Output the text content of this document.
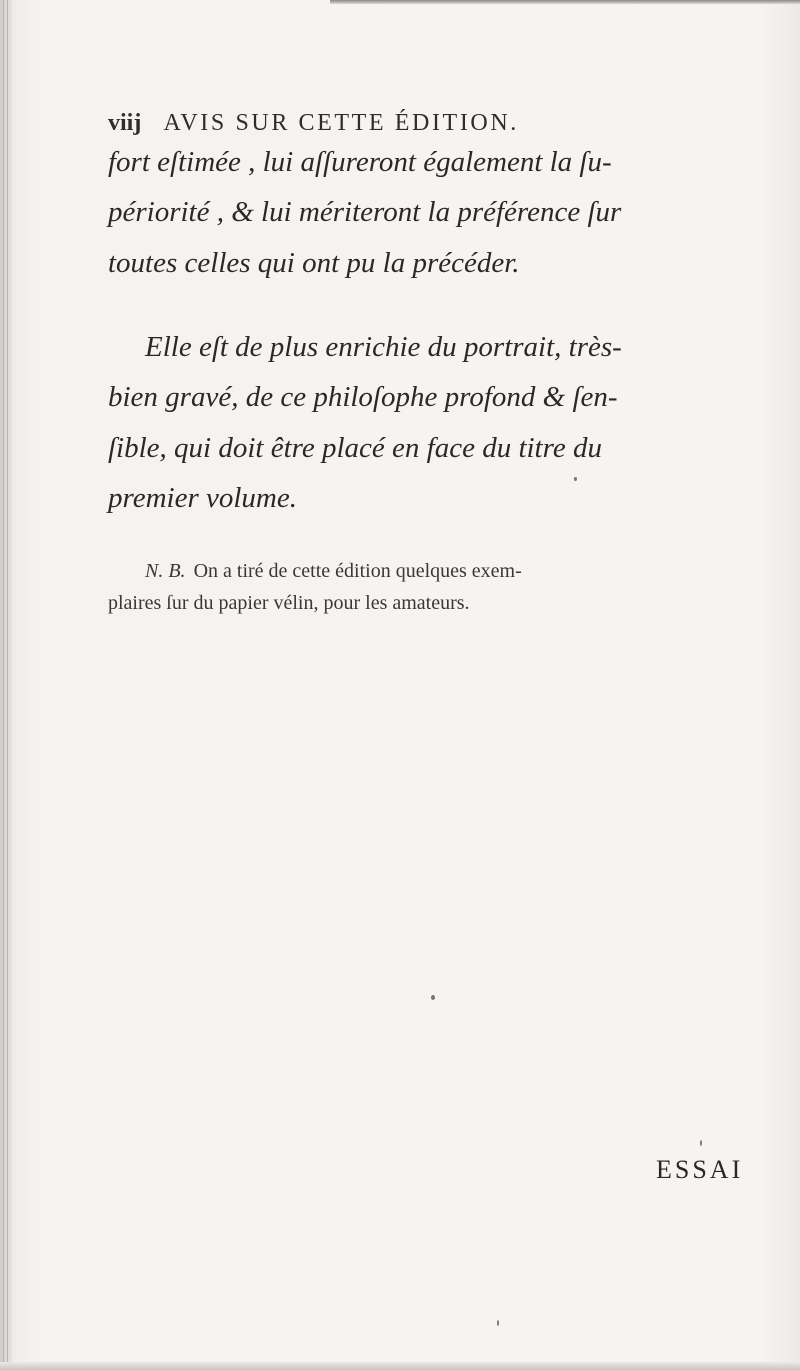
viij AVIS SUR CETTE ÉDITION.
fort eſtimée , lui aſſureront également la ſu-
périorité , & lui mériteront la préférence ſur
toutes celles qui ont pu la précéder.
Elle eſt de plus enrichie du portrait, très-
bien gravé, de ce philoſophe profond & ſen-
ſible, qui doit être placé en face du titre du
premier volume.
N. B. On a tiré de cette édition quelques exem-
plaires ſur du papier vélin, pour les amateurs.
ESSAI
